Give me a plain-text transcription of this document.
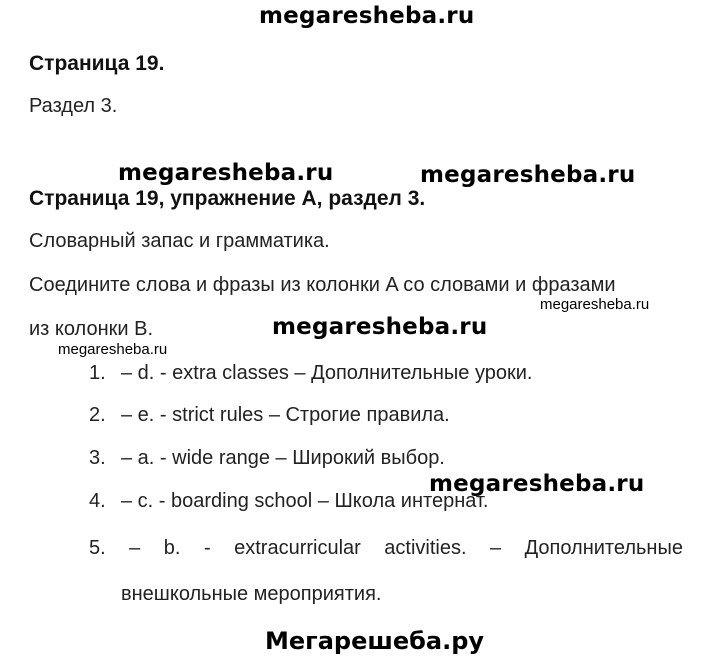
megaresheba.ru
Страница 19.
Раздел 3.
megaresheba.ru	megaresheba.ru
Страница 19, упражнение A, раздел 3.
Словарный запас и грамматика.
Соедините слова и фразы из колонки A со словами и фразами
megaresheba.ru
из колонки B.	megaresheba.ru
megaresheba.ru
1. – d. - extra classes – Дополнительные уроки.
2. – e. - strict rules – Строгие правила.
3. – a. - wide range – Широкий выбор.
4. – c. - boarding school – Школа интернат.
5. – b. - extracurricular activities. – Дополнительные
внешкольные мероприятия.
megaresheba.ru
Мегарешеба.ру
